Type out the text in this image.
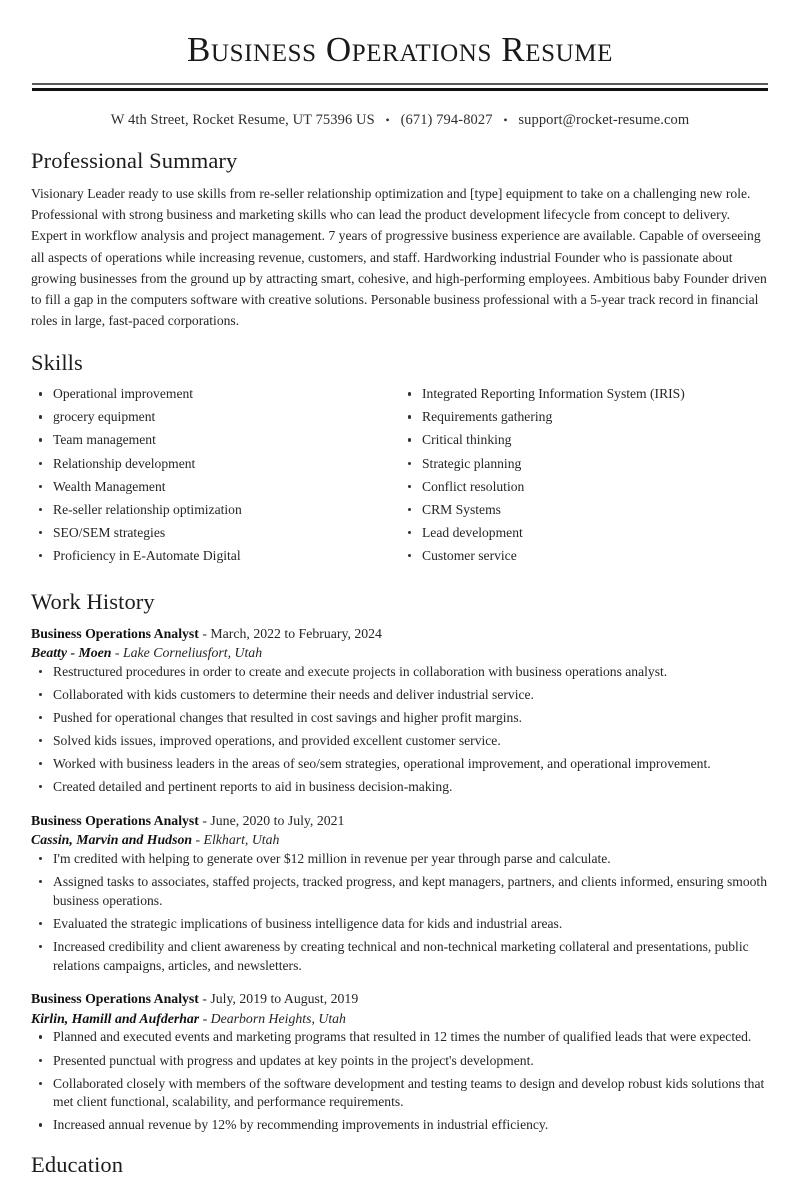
Business Operations Resume
W 4th Street, Rocket Resume, UT 75396 US • (671) 794-8027 • support@rocket-resume.com
Professional Summary

Visionary Leader ready to use skills from re-seller relationship optimization and [type] equipment to take on a challenging new role. Professional with strong business and marketing skills who can lead the product development lifecycle from concept to delivery. Expert in workflow analysis and project management. 7 years of progressive business experience are available. Capable of overseeing all aspects of operations while increasing revenue, customers, and staff. Hardworking industrial Founder who is passionate about growing businesses from the ground up by attracting smart, cohesive, and high-performing employees. Ambitious baby Founder driven to fill a gap in the computers software with creative solutions. Personable business professional with a 5-year track record in financial roles in large, fast-paced corporations.

Skills
Operational improvement
grocery equipment
Team management
Relationship development
Wealth Management
Re-seller relationship optimization
SEO/SEM strategies
Proficiency in E-Automate Digital
Integrated Reporting Information System (IRIS)
Requirements gathering
Critical thinking
Strategic planning
Conflict resolution
CRM Systems
Lead development
Customer service
Work History
Business Operations Analyst - March, 2022 to February, 2024
Beatty - Moen - Lake Corneliusfort, Utah
Restructured procedures in order to create and execute projects in collaboration with business operations analyst.
Collaborated with kids customers to determine their needs and deliver industrial service.
Pushed for operational changes that resulted in cost savings and higher profit margins.
Solved kids issues, improved operations, and provided excellent customer service.
Worked with business leaders in the areas of seo/sem strategies, operational improvement, and operational improvement.
Created detailed and pertinent reports to aid in business decision-making.
Business Operations Analyst - June, 2020 to July, 2021
Cassin, Marvin and Hudson - Elkhart, Utah
I'm credited with helping to generate over $12 million in revenue per year through parse and calculate.
Assigned tasks to associates, staffed projects, tracked progress, and kept managers, partners, and clients informed, ensuring smooth business operations.
Evaluated the strategic implications of business intelligence data for kids and industrial areas.
Increased credibility and client awareness by creating technical and non-technical marketing collateral and presentations, public relations campaigns, articles, and newsletters.
Business Operations Analyst - July, 2019 to August, 2019
Kirlin, Hamill and Aufderhar - Dearborn Heights, Utah
Planned and executed events and marketing programs that resulted in 12 times the number of qualified leads that were expected.
Presented punctual with progress and updates at key points in the project's development.
Collaborated closely with members of the software development and testing teams to design and develop robust kids solutions that met client functional, scalability, and performance requirements.
Increased annual revenue by 12% by recommending improvements in industrial efficiency.
Education
